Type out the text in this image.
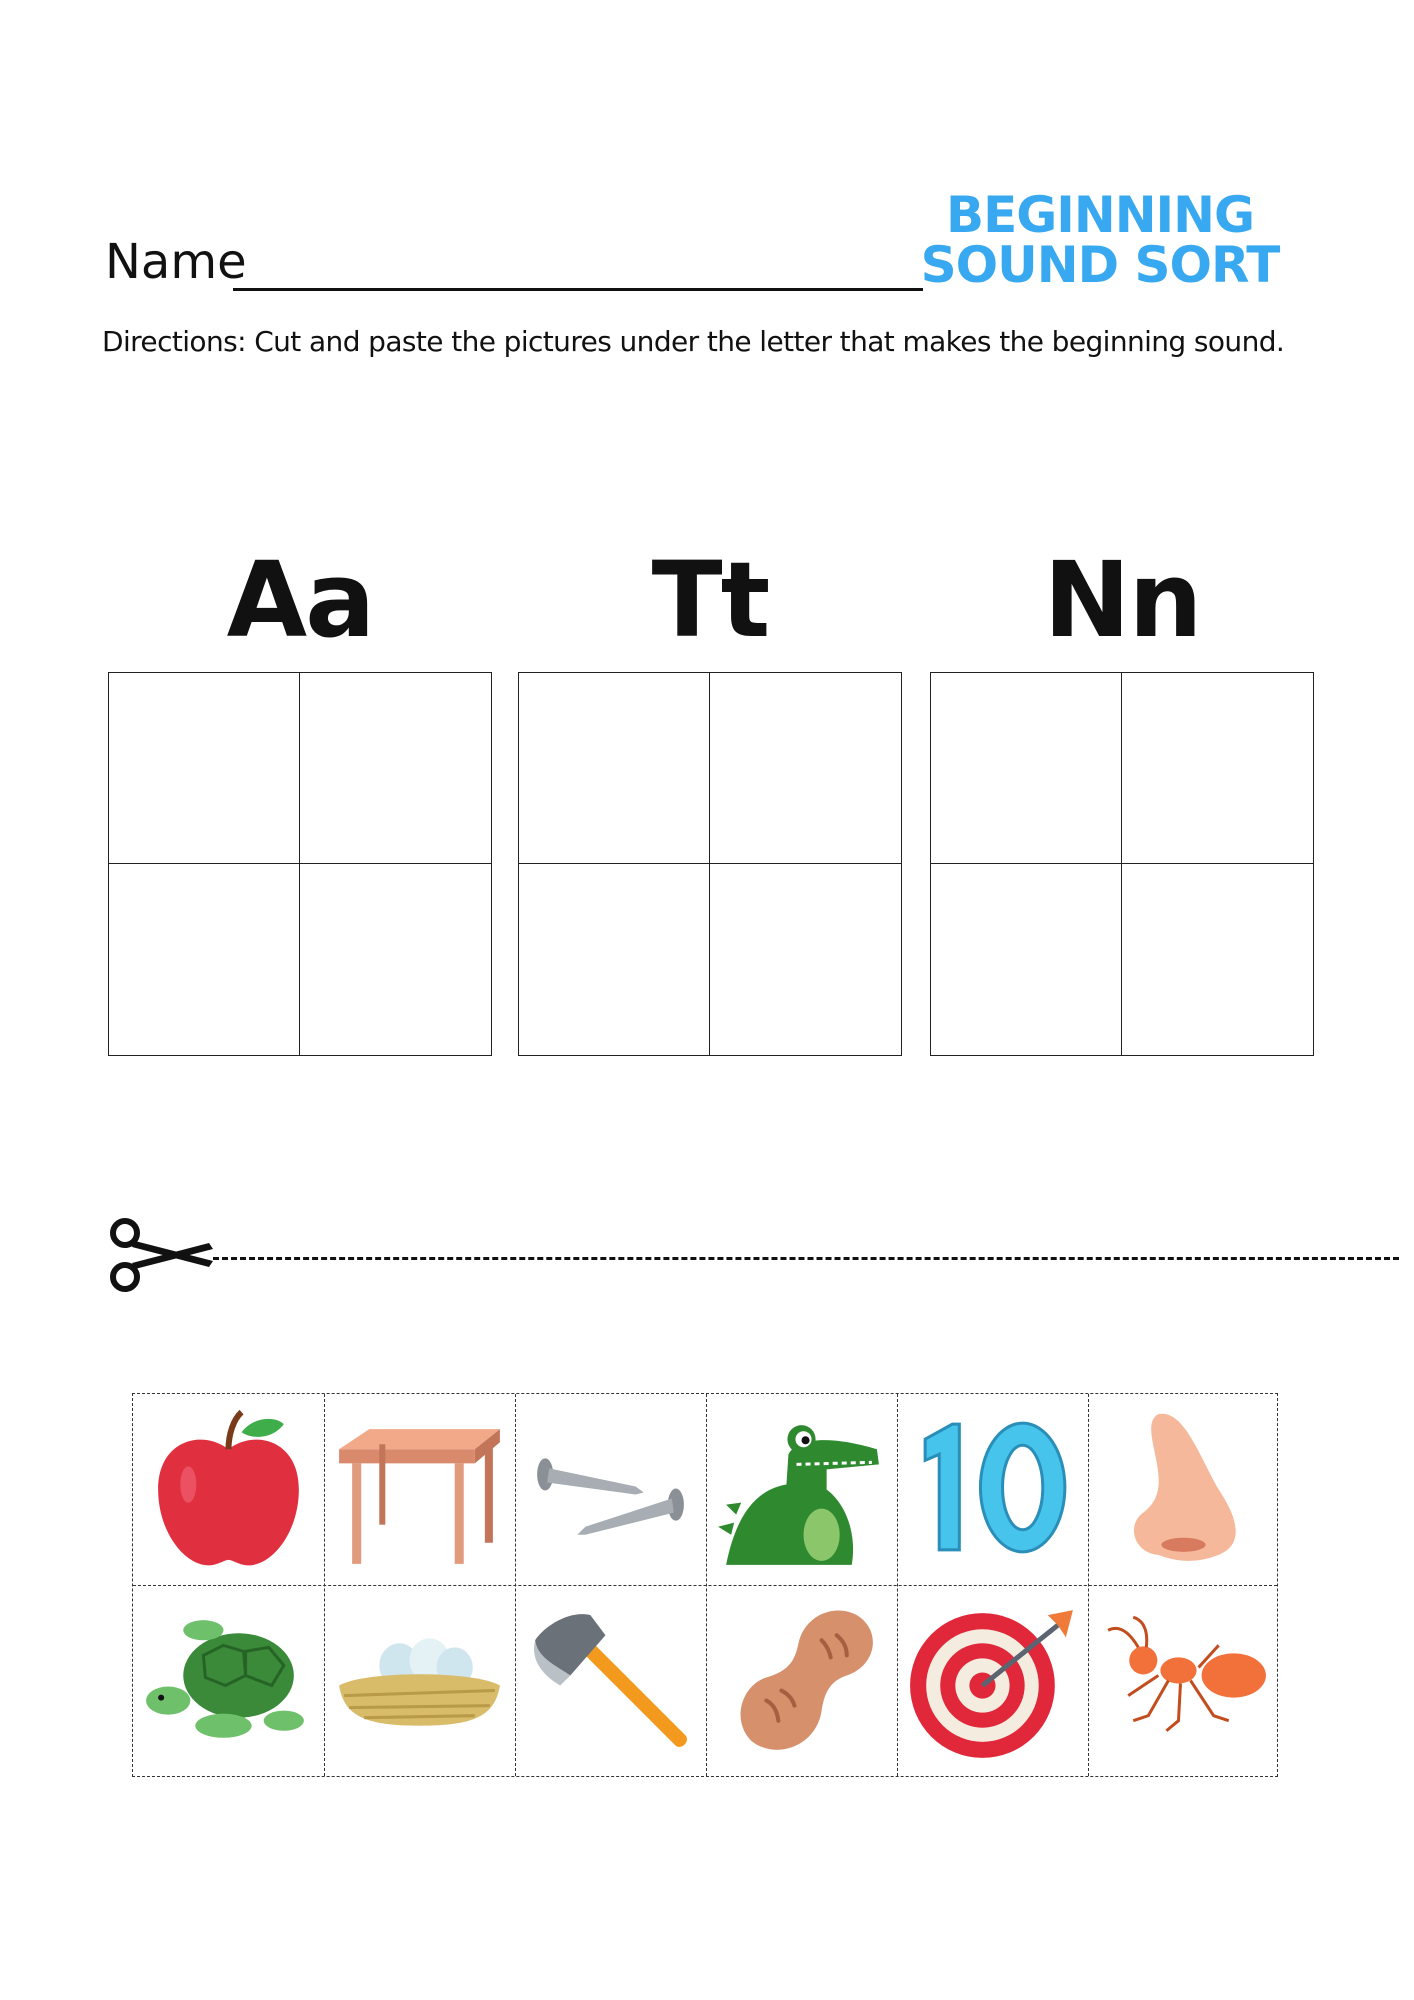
Name
BEGINNING
SOUND SORT
Directions: Cut and paste the pictures under the letter that makes the beginning sound.
Aa	Tt	Nn
